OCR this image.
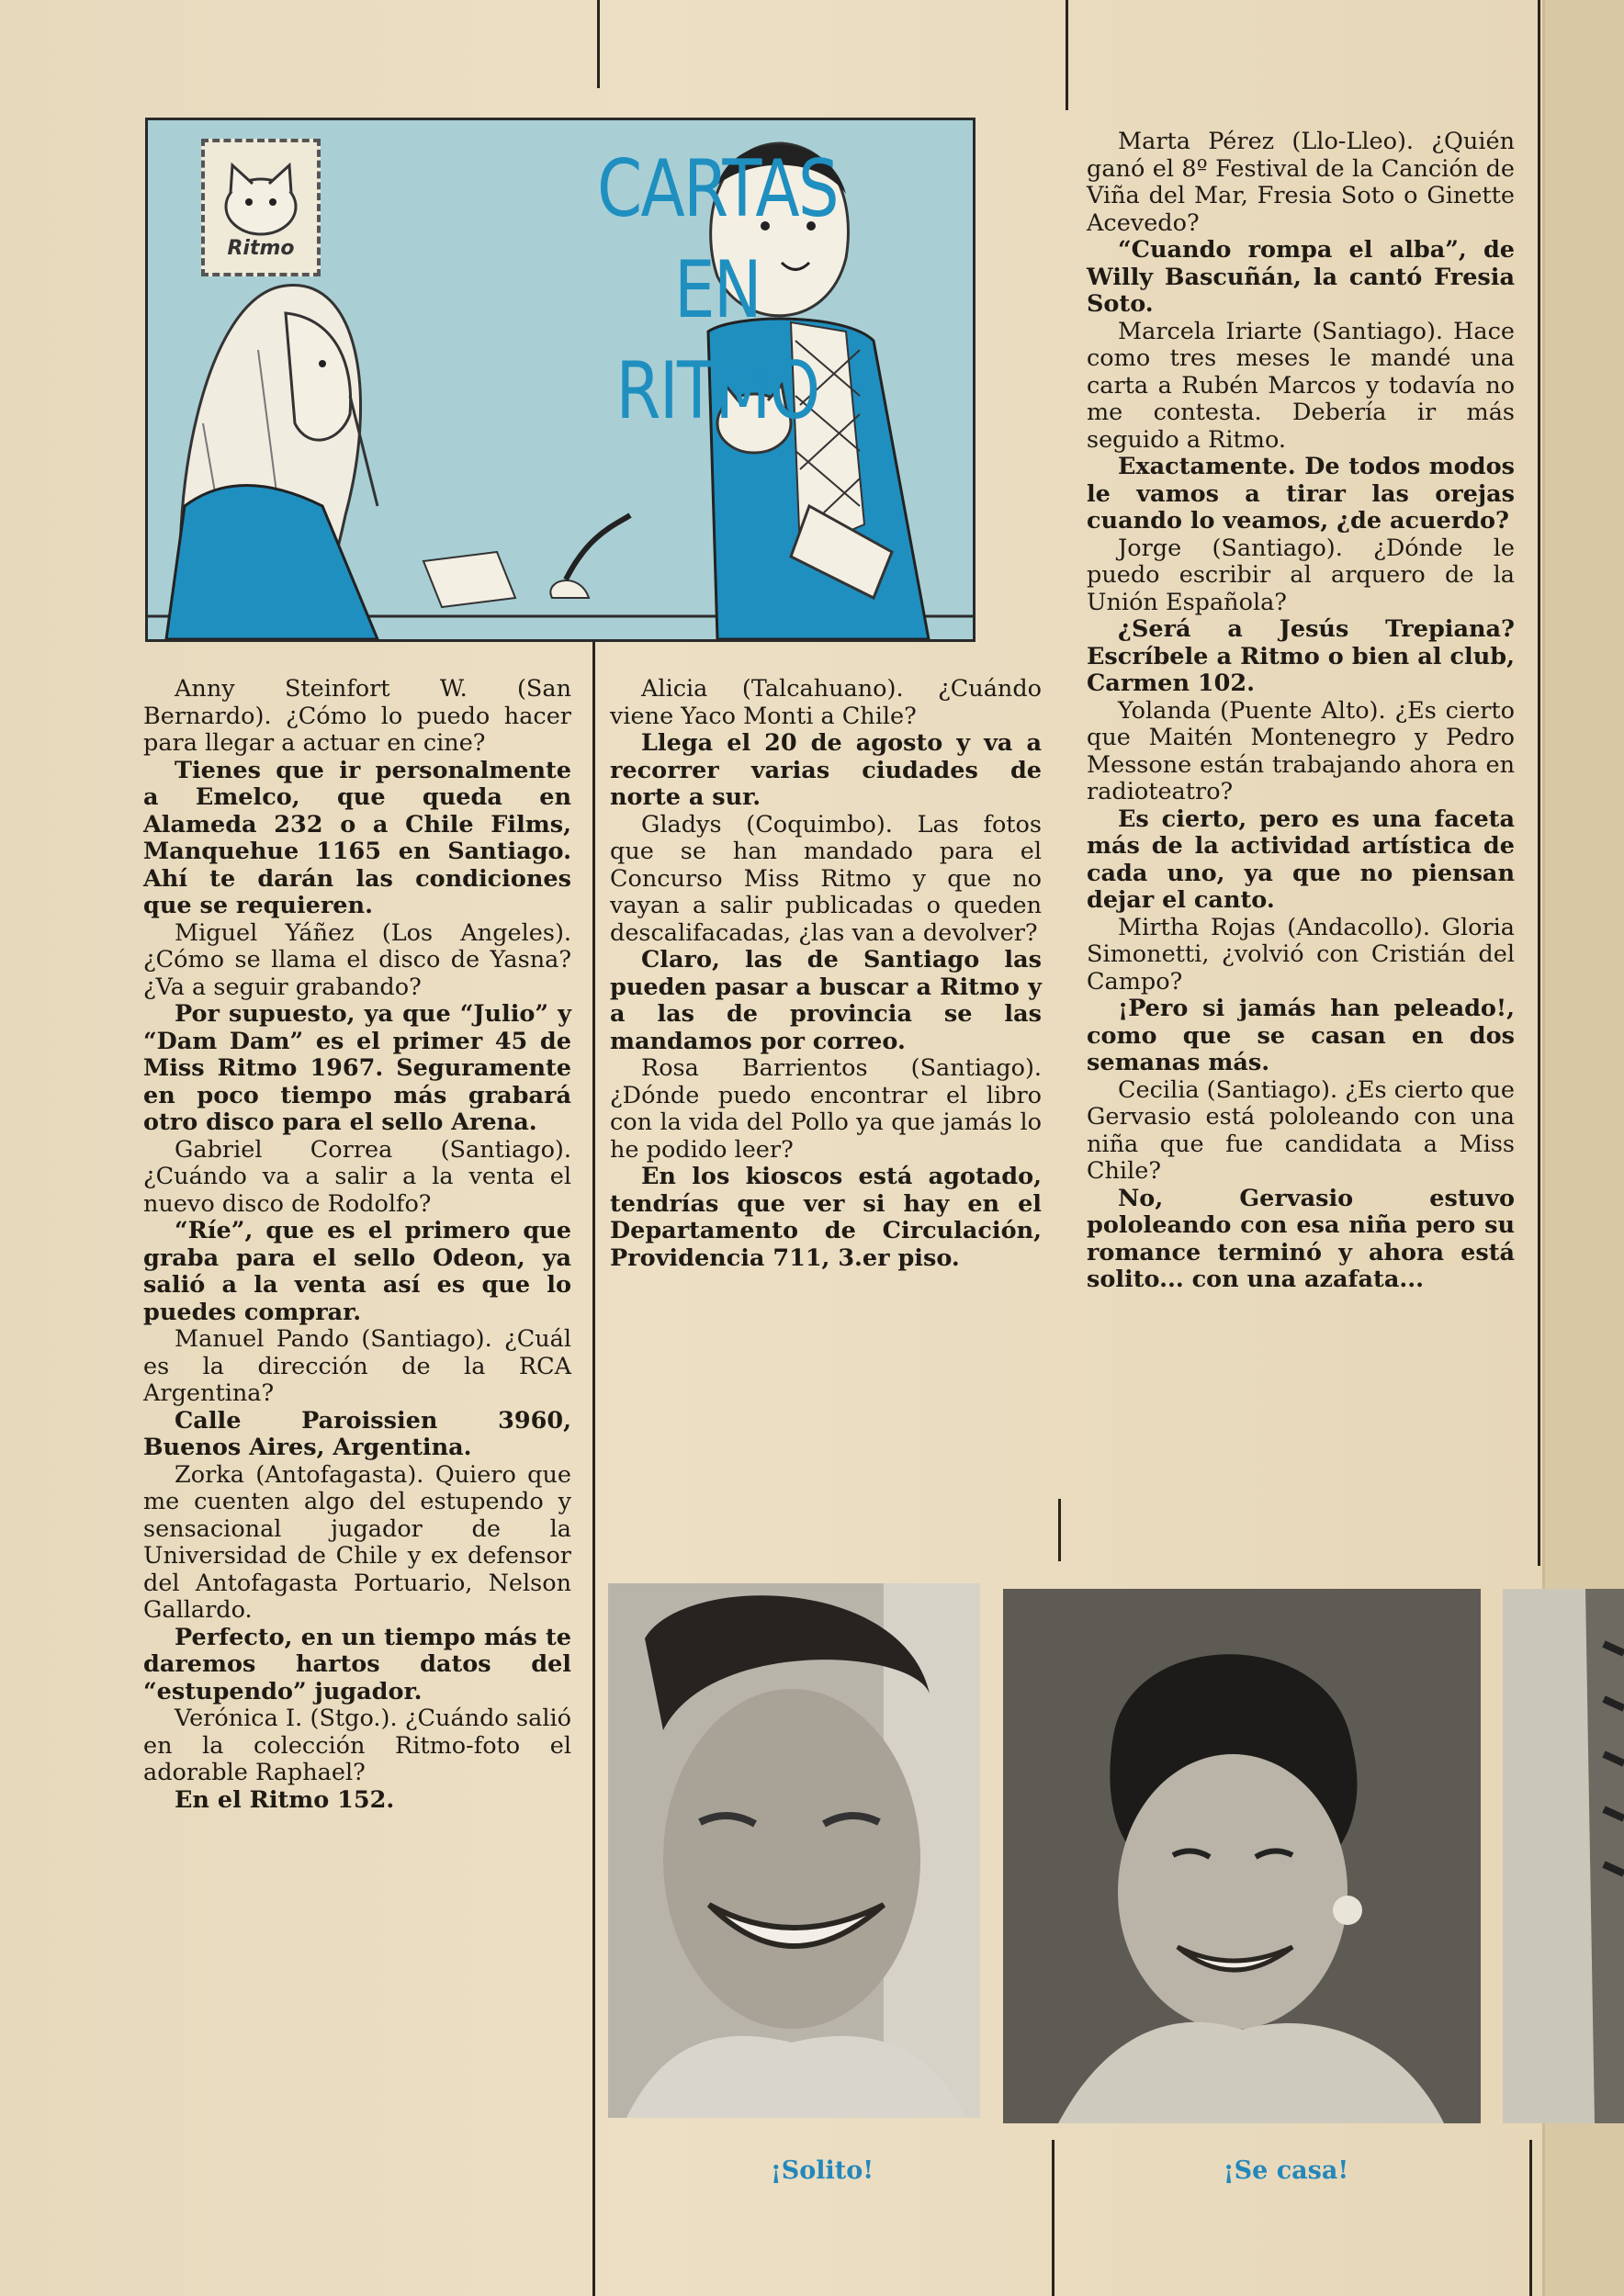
Ritmo
CARTAS
EN
RITMO

Anny Steinfort W. (San Bernardo). ¿Cómo lo puedo hacer para llegar a actuar en cine?

Tienes que ir personalmente a Emelco, que queda en Alameda 232 o a Chile Films, Manquehue 1165 en Santiago. Ahí te darán las condiciones que se requieren.

Miguel Yáñez (Los Angeles). ¿Cómo se llama el disco de Yasna? ¿Va a seguir grabando?

Por supuesto, ya que “Julio” y “Dam Dam” es el primer 45 de Miss Ritmo 1967. Seguramente en poco tiempo más grabará otro disco para el sello Arena.

Gabriel Correa (Santiago). ¿Cuándo va a salir a la venta el nuevo disco de Rodolfo?

“Ríe”, que es el primero que graba para el sello Odeon, ya salió a la venta así es que lo puedes comprar.

Manuel Pando (Santiago). ¿Cuál es la dirección de la RCA Argentina?

Calle Paroissien 3960, Buenos Aires, Argentina.

Zorka (Antofagasta). Quiero que me cuenten algo del estupendo y sensacional jugador de la Universidad de Chile y ex defensor del Antofagasta Portuario, Nelson Gallardo.

Perfecto, en un tiempo más te daremos hartos datos del “estupendo” jugador.

Verónica I. (Stgo.). ¿Cuándo salió en la colección Ritmo-foto el adorable Raphael?

En el Ritmo 152.

Alicia (Talcahuano). ¿Cuándo viene Yaco Monti a Chile?

Llega el 20 de agosto y va a recorrer varias ciudades de norte a sur.

Gladys (Coquimbo). Las fotos que se han mandado para el Concurso Miss Ritmo y que no vayan a salir publicadas o queden descalifacadas, ¿las van a devolver?

Claro, las de Santiago las pueden pasar a buscar a Ritmo y a las de provincia se las mandamos por correo.

Rosa Barrientos (Santiago). ¿Dónde puedo encontrar el libro con la vida del Pollo ya que jamás lo he podido leer?

En los kioscos está agotado, tendrías que ver si hay en el Departamento de Circulación, Providencia 711, 3.er piso.

Marta Pérez (Llo-Lleo). ¿Quién ganó el 8º Festival de la Canción de Viña del Mar, Fresia Soto o Ginette Acevedo?

“Cuando rompa el alba”, de Willy Bascuñán, la cantó Fresia Soto.

Marcela Iriarte (Santiago). Hace como tres meses le mandé una carta a Rubén Marcos y todavía no me contesta. Debería ir más seguido a Ritmo.

Exactamente. De todos modos le vamos a tirar las orejas cuando lo veamos, ¿de acuerdo?

Jorge (Santiago). ¿Dónde le puedo escribir al arquero de la Unión Española?

¿Será a Jesús Trepiana? Escríbele a Ritmo o bien al club, Carmen 102.

Yolanda (Puente Alto). ¿Es cierto que Maitén Montenegro y Pedro Messone están trabajando ahora en radioteatro?

Es cierto, pero es una faceta más de la actividad artística de cada uno, ya que no piensan dejar el canto.

Mirtha Rojas (Andacollo). Gloria Simonetti, ¿volvió con Cristián del Campo?

¡Pero si jamás han peleado!, como que se casan en dos semanas más.

Cecilia (Santiago). ¿Es cierto que Gervasio está pololeando con una niña que fue candidata a Miss Chile?

No, Gervasio estuvo pololeando con esa niña pero su romance terminó y ahora está solito... con una azafata...

¡Solito!	¡Se casa!
